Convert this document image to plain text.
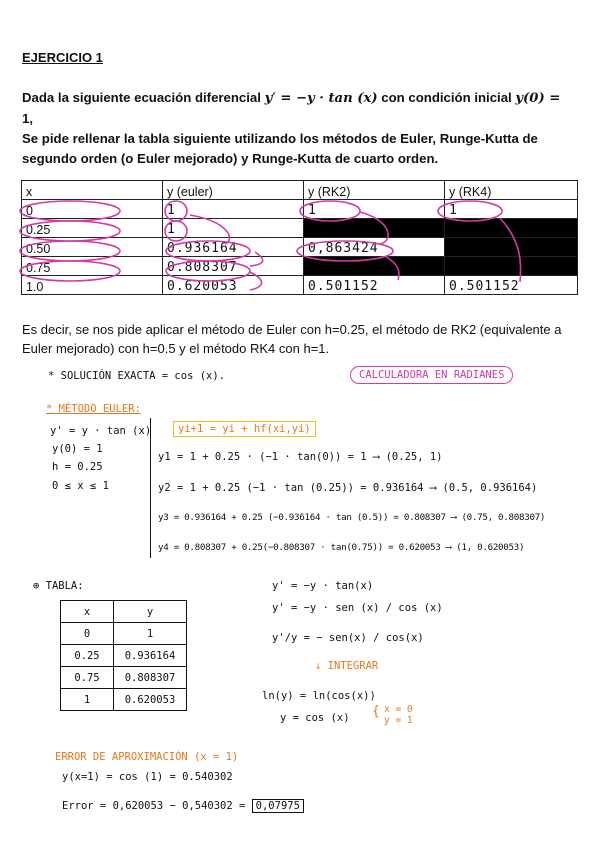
EJERCICIO 1
Dada la siguiente ecuación diferencial y′ = −y · tan (x) con condición inicial y(0) =
1,
Se pide rellenar la tabla siguiente utilizando los métodos de Euler, Runge-Kutta de segundo orden (o Euler mejorado) y Runge-Kutta de cuarto orden.
x	y (euler)	y (RK2)	y (RK4)
0	1	1	1
0.25	1		
0.50	0.936164	0,863424	
0.75	0.808307		
1.0	0.620053	0.501152	0.501152
Es decir, se nos pide aplicar el método de Euler con h=0.25, el método de RK2 (equivalente a Euler mejorado) con h=0.5 y el método RK4 con h=1.
* SOLUCIÓN EXACTA = cos (x).	CALCULADORA EN RADIANES
* MÉTODO EULER:
yi+1 = yi + hf(xi,yi)
y' = y · tan (x)
y(0) = 1
h = 0.25
0 ≤ x ≤ 1
y1 = 1 + 0.25 · (−1 · tan(0)) = 1 ⟶ (0.25, 1)
y2 = 1 + 0.25 (−1 · tan (0.25)) = 0.936164 ⟶ (0.5, 0.936164)
y3 = 0.936164 + 0.25 (−0.936164 · tan (0.5)) = 0.808307 ⟶ (0.75, 0.808307)
y4 = 0.808307 + 0.25(−0.808307 · tan(0.75)) = 0.620053 ⟶ (1, 0.620053)
⊕ TABLA:
x	y
0	1
0.25	0.936164
0.75	0.808307
1	0.620053
y' = −y · tan(x)
y' = −y · sen (x) / cos (x)
y'/y = − sen(x) / cos(x)
↓ INTEGRAR
ln(y) = ln(cos(x))
y = cos (x) { x = 0
y = 1
ERROR DE APROXIMACIÓN (x = 1)
y(x=1) = cos (1) = 0.540302
Error = 0,620053 − 0,540302 = 0,07975
